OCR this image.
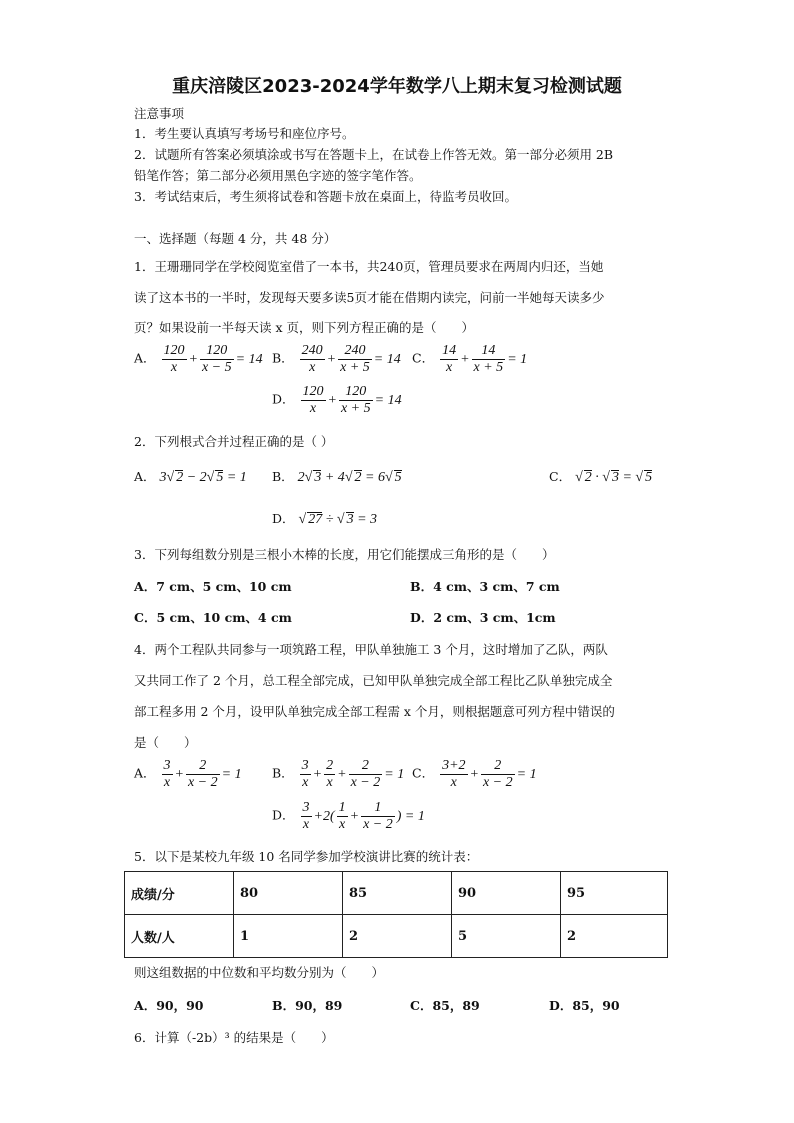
重庆涪陵区2023-2024学年数学八上期末复习检测试题
注意事项
1．考生要认真填写考场号和座位序号。
2．试题所有答案必须填涂或书写在答题卡上，在试卷上作答无效。第一部分必须用 2B
铅笔作答；第二部分必须用黑色字迹的签字笔作答。
3．考试结束后，考生须将试卷和答题卡放在桌面上，待监考员收回。
一、选择题（每题 4 分，共 48 分）
1．王珊珊同学在学校阅览室借了一本书，共240页，管理员要求在两周内归还，当她
读了这本书的一半时，发现每天要多读5页才能在借期内读完，问前一半她每天读多少
页？如果设前一半每天读 x 页，则下列方程正确的是（　　）
A． $\frac{120}{x} + \frac{120}{x - 5} = 14$ B． $\frac{240}{x} + \frac{240}{x + 5} = 14$ C． $\frac{14}{x} + \frac{14}{x + 5} = 1$
D． $\frac{120}{x} + \frac{120}{x + 5} = 14$
2．下列根式合并过程正确的是（ ）
A． 3√ 2 − 2√ 5 = 1 B． 2√ 3 + 4√ 2 = 6√ 5	C． √ 2 · √ 3 = √ 5
D． √ 27 ÷ √ 3 = 3
3．下列每组数分别是三根小木棒的长度，用它们能摆成三角形的是（　　）
A．7 cm、5 cm、10 cm	B．4 cm、3 cm、7 cm
C．5 cm、10 cm、4 cm	D．2 cm、3 cm、1cm
4．两个工程队共同参与一项筑路工程，甲队单独施工 3 个月，这时增加了乙队，两队
又共同工作了 2 个月，总工程全部完成，已知甲队单独完成全部工程比乙队单独完成全
部工程多用 2 个月，设甲队单独完成全部工程需 x 个月，则根据题意可列方程中错误的
是（　　）
A． $\frac{3}{x} + \frac{2}{x - 2} = 1$ B． $\frac{3}{x} + \frac{2}{x} + \frac{2}{x - 2} = 1$ C． $\frac{3+2}{x} + \frac{2}{x - 2} = 1$
D． $\frac{3}{x} +2( \frac{1}{x} + \frac{1}{x - 2}$ ) = 1
5．以下是某校九年级 10 名同学参加学校演讲比赛的统计表：
成绩/分	80	85	90	95
人数/人	1	2	5	2
则这组数据的中位数和平均数分别为（　　）
A．90，90	B．90，89	C．85，89	D．85，90
6．计算（-2b）³ 的结果是（　　）
